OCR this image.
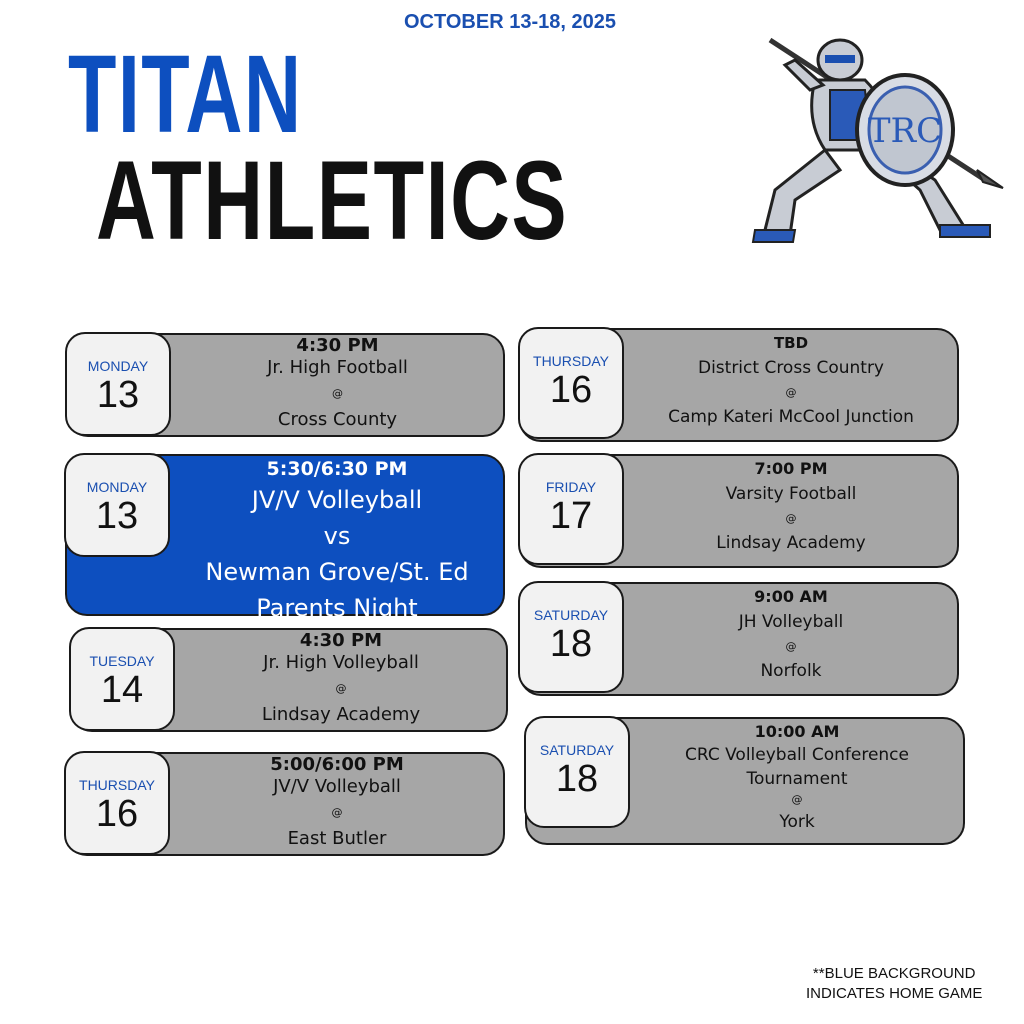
OCTOBER 13-18, 2025
TITAN
ATHLETICS
TRC
MONDAY
13
4:30 PM
Jr. High Football
@
Cross County
MONDAY
13
5:30/6:30 PM
JV/V Volleyball
vs
Newman Grove/St. Ed
Parents Night
TUESDAY
14
4:30 PM
Jr. High Volleyball
@
Lindsay Academy
THURSDAY
16
5:00/6:00 PM
JV/V Volleyball
@
East Butler
THURSDAY
16
TBD
District Cross Country
@
Camp Kateri McCool Junction
FRIDAY
17
7:00 PM
Varsity Football
@
Lindsay Academy
SATURDAY
18
9:00 AM
JH Volleyball
@
Norfolk
SATURDAY
18
10:00 AM
CRC Volleyball Conference
Tournament
@
York
**BLUE BACKGROUND
INDICATES HOME GAME
